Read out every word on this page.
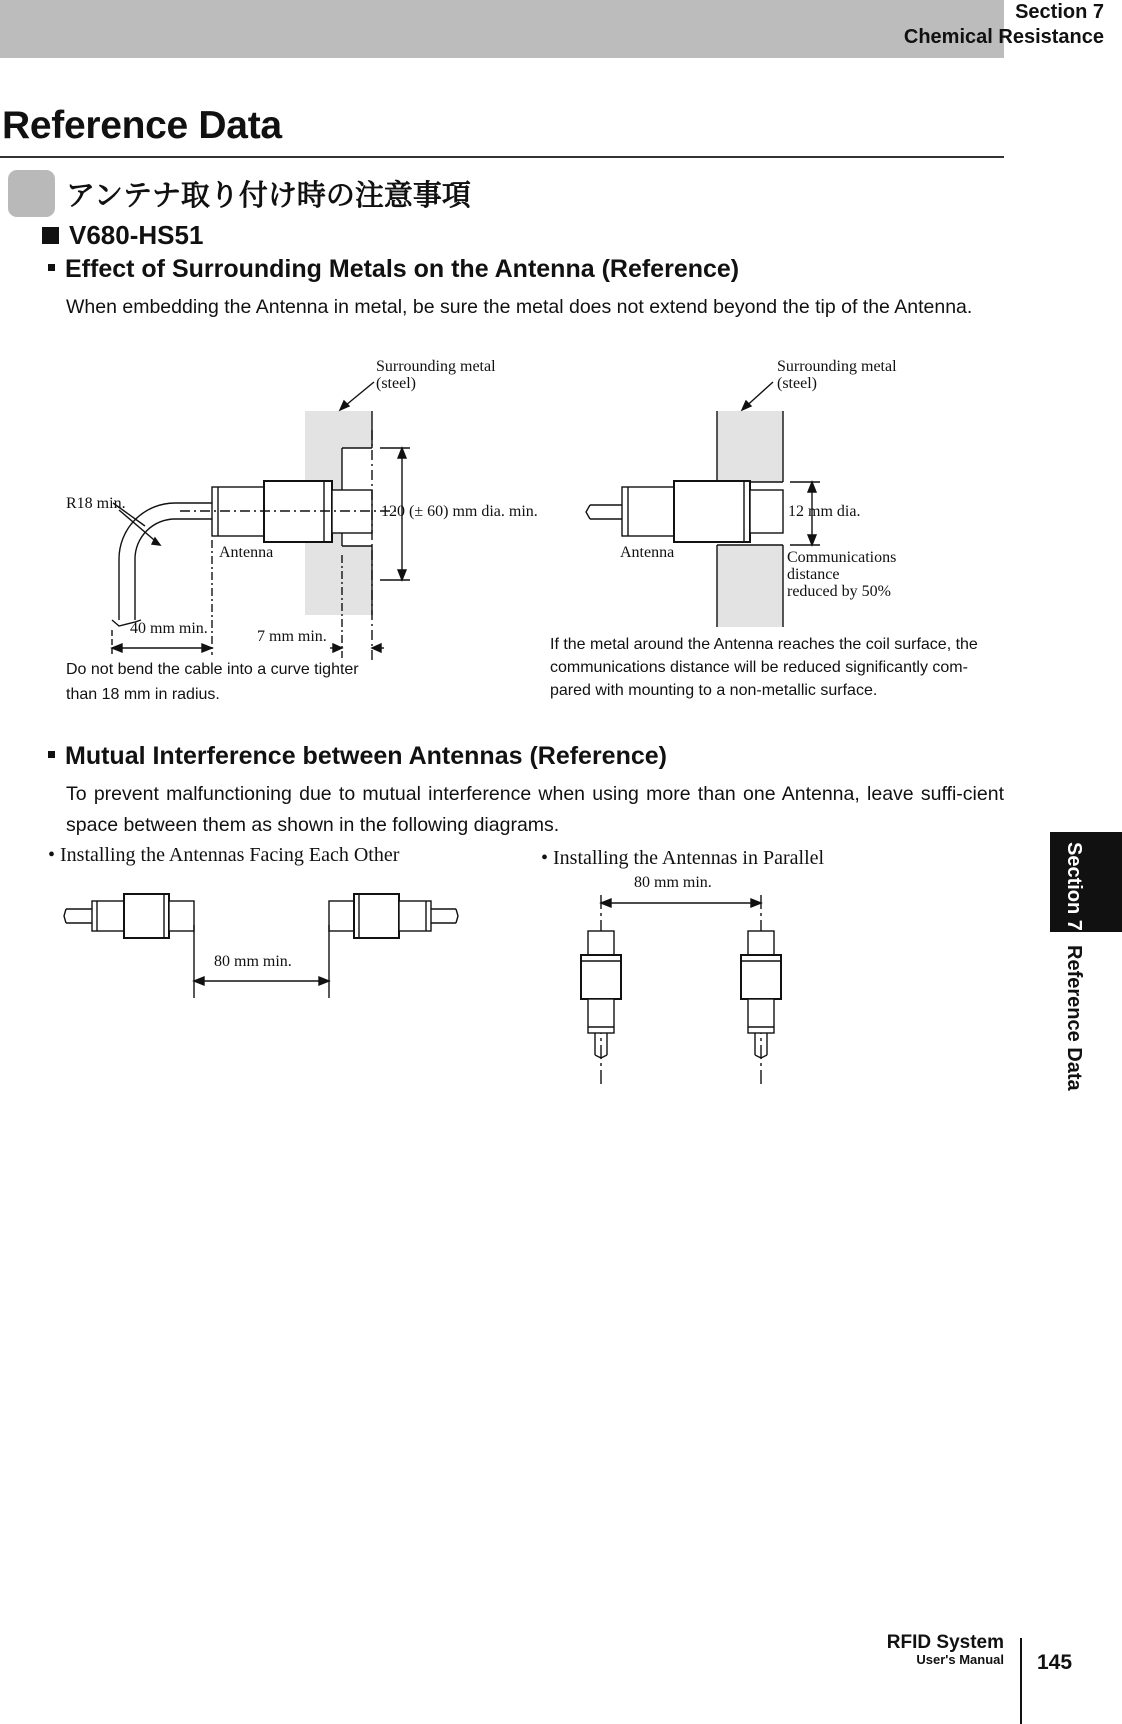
Section 7
Chemical Resistance
Reference Data
アンテナ取り付け時の注意事項
V680-HS51
Effect of Surrounding Metals on the Antenna (Reference)

When embedding the Antenna in metal, be sure the metal does not extend beyond the tip of the Antenna.

Surrounding metal
(steel)
R18 min.
Antenna
120 (± 60) mm dia. min.
40 mm min.	7 mm min.
Do not bend the cable into a curve tighter than 18 mm in radius.
Surrounding metal
(steel)
12 mm dia.
Antenna	Communications
distance
reduced by 50%
If the metal around the Antenna reaches the coil surface, the communications distance will be reduced significantly com-pared with mounting to a non-metallic surface.
Mutual Interference between Antennas (Reference)

To prevent malfunctioning due to mutual interference when using more than one Antenna, leave suffi-cient space between them as shown in the following diagrams.

• Installing the Antennas Facing Each Other
80 mm min.
• Installing the Antennas in Parallel
80 mm min.	Section 7
Reference Data
RFID System
User's Manual 145
